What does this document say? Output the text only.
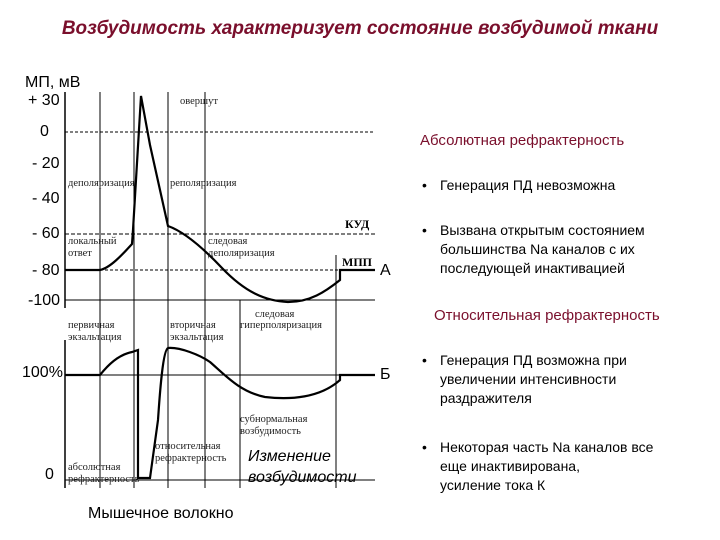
Возбудимость характеризует состояние возбудимой ткани
МП, мВ
+ 30
0
- 20
- 40
- 60
- 80
-100
овершут
деполяризация	реполяризация
локальный
ответ
следовая
деполяризация
следовая
гиперполяризация
КУД
МПП А
100%
0
первичная
экзальтация
вторичная
экзальтация
субнормальная
возбудимость
относительная
рефрактерность
абсолютная
рефрактерность
Б
Изменение
возбудимости
Мышечное волокно
Абсолютная рефрактерность
• Генерация ПД невозможна
• Вызвана открытым состоянием
большинства Na каналов с их
последующей инактивацией
Относительная рефрактерность
• Генерация ПД возможна при
увеличении интенсивности
раздражителя
• Некоторая часть Na каналов все
еще инактивирована,
усиление тока К
